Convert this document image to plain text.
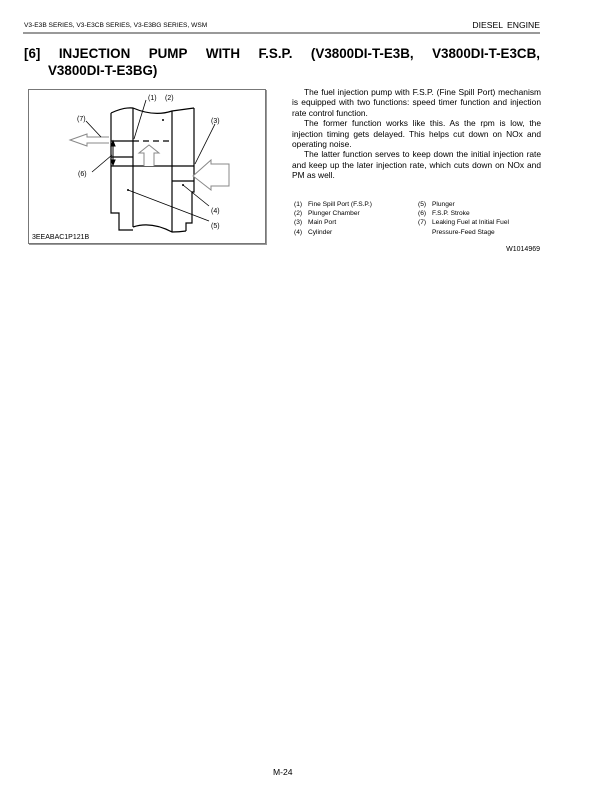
V3-E3B SERIES, V3-E3CB SERIES, V3-E3BG SERIES, WSM	DIESEL ENGINE
[6] INJECTION PUMP WITH F.S.P. (V3800DI-T-E3B, V3800DI-T-E3CB,
V3800DI-T-E3BG)
(1) (2)
(3)
(4)
(5)
(6)
(7)
3EEABAC1P121B

The fuel injection pump with F.S.P. (Fine Spill Port) mechanism is equipped with two functions: speed timer function and injection rate control function.

The former function works like this. As the rpm is low, the injection timing gets delayed. This helps cut down on NOx and operating noise.

The latter function serves to keep down the initial injection rate and keep up the later injection rate, which cuts down on NOx and PM as well.

(1) Fine Spill Port (F.S.P.)
(2) Plunger Chamber
(3) Main Port
(4) Cylinder
(5) Plunger
(6) F.S.P. Stroke
(7) Leaking Fuel at Initial Fuel
Pressure-Feed Stage
W1014969
M-24
